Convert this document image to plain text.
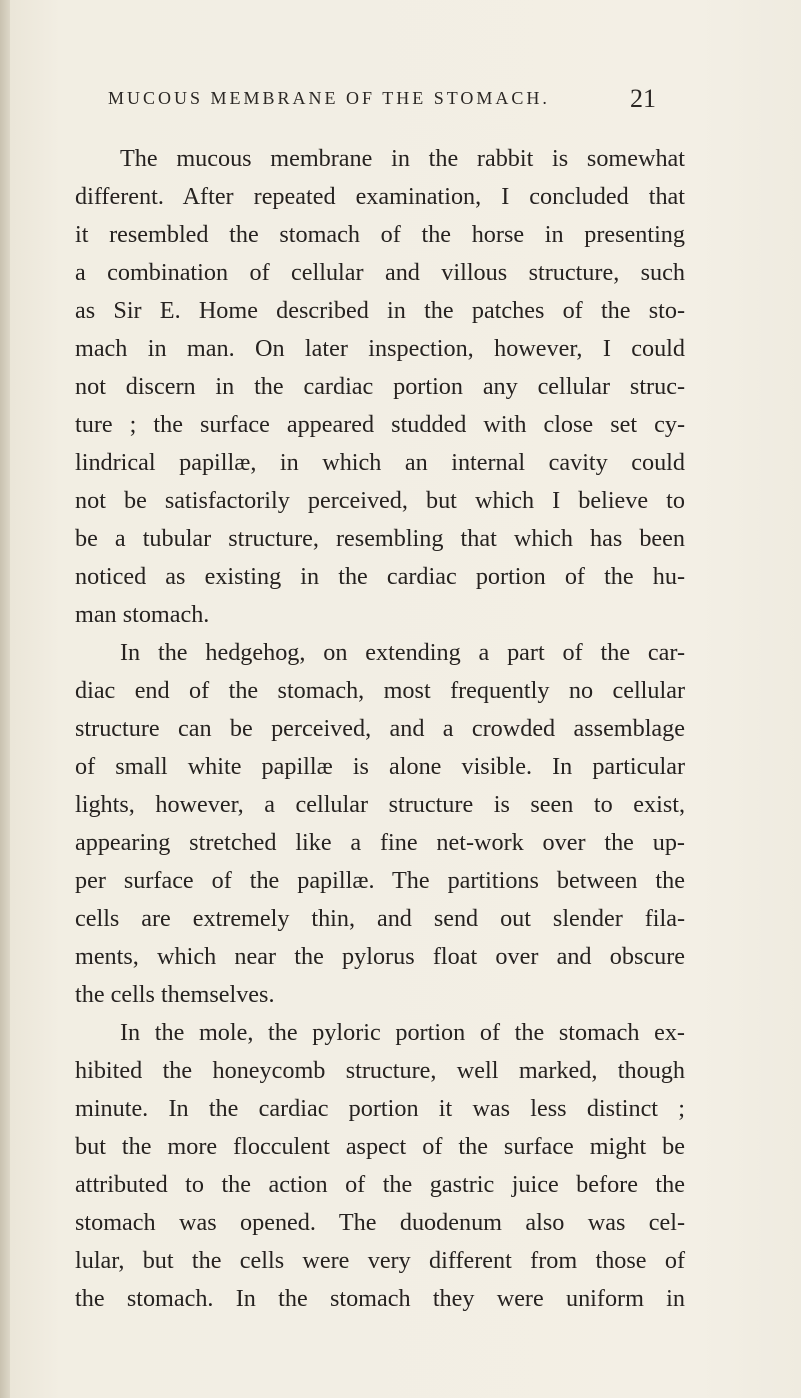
MUCOUS MEMBRANE OF THE STOMACH.	21
The mucous membrane in the rabbit is somewhat
different. After repeated examination, I concluded that
it resembled the stomach of the horse in presenting
a combination of cellular and villous structure, such
as Sir E. Home described in the patches of the sto-
mach in man. On later inspection, however, I could
not discern in the cardiac portion any cellular struc-
ture ; the surface appeared studded with close set cy-
lindrical papillæ, in which an internal cavity could
not be satisfactorily perceived, but which I believe to
be a tubular structure, resembling that which has been
noticed as existing in the cardiac portion of the hu-
man stomach.
In the hedgehog, on extending a part of the car-
diac end of the stomach, most frequently no cellular
structure can be perceived, and a crowded assemblage
of small white papillæ is alone visible. In particular
lights, however, a cellular structure is seen to exist,
appearing stretched like a fine net-work over the up-
per surface of the papillæ. The partitions between the
cells are extremely thin, and send out slender fila-
ments, which near the pylorus float over and obscure
the cells themselves.
In the mole, the pyloric portion of the stomach ex-
hibited the honeycomb structure, well marked, though
minute. In the cardiac portion it was less distinct ;
but the more flocculent aspect of the surface might be
attributed to the action of the gastric juice before the
stomach was opened. The duodenum also was cel-
lular, but the cells were very different from those of
the stomach. In the stomach they were uniform in
